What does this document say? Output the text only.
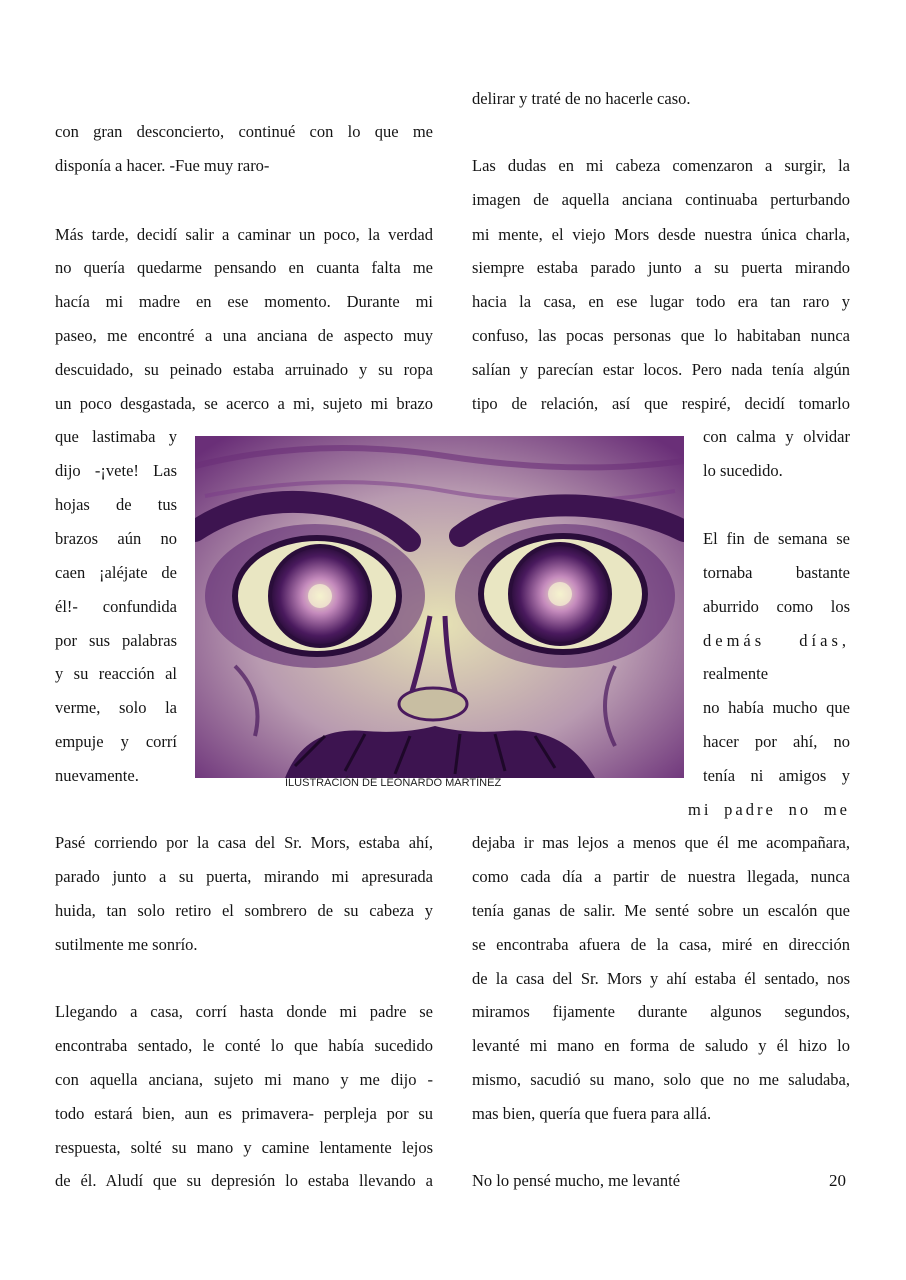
con gran desconcierto, continué con lo que me

disponía a hacer. -Fue muy raro-

Más tarde, decidí salir a caminar un poco, la verdad

no quería quedarme pensando en cuanta falta me

hacía mi madre en ese momento. Durante mi

paseo, me encontré a una anciana de aspecto muy

descuidado, su peinado estaba arruinado y su ropa

un poco desgastada, se acerco a mi, sujeto mi brazo

que lastimaba y

dijo -¡vete! Las

hojas de tus

brazos aún no

caen ¡aléjate de

él!- confundida

por sus palabras

y su reacción al

verme, solo la

empuje y corrí

nuevamente.

Pasé corriendo por la casa del Sr. Mors, estaba ahí,

parado junto a su puerta, mirando mi apresurada

huida, tan solo retiro el sombrero de su cabeza y

sutilmente me sonrío.

Llegando a casa, corrí hasta donde mi padre se

encontraba sentado, le conté lo que había sucedido

con aquella anciana, sujeto mi mano y me dijo -

todo estará bien, aun es primavera- perpleja por su

respuesta, solté su mano y camine lentamente lejos

de él. Aludí que su depresión lo estaba llevando a

delirar y traté de no hacerle caso.

Las dudas en mi cabeza comenzaron a surgir, la

imagen de aquella anciana continuaba perturbando

mi mente, el viejo Mors desde nuestra única charla,

siempre estaba parado junto a su puerta mirando

hacia la casa, en ese lugar todo era tan raro y

confuso, las pocas personas que lo habitaban nunca

salían y parecían estar locos. Pero nada tenía algún

tipo de relación, así que respiré, decidí tomarlo

con calma y olvidar

lo sucedido.

El fin de semana se

tornaba bastante

aburrido como los

demás días,

realmente

no había mucho que

hacer por ahí, no

tenía ni amigos y

mi padre no me

dejaba ir mas lejos a menos que él me acompañara,

como cada día a partir de nuestra llegada, nunca

tenía ganas de salir. Me senté sobre un escalón que

se encontraba afuera de la casa, miré en dirección

de la casa del Sr. Mors y ahí estaba él sentado, nos

miramos fijamente durante algunos segundos,

levanté mi mano en forma de saludo y él hizo lo

mismo, sacudió su mano, solo que no me saludaba,

mas bien, quería que fuera para allá.

No lo pensé mucho, me levanté	20

ILUSTRACIÓN DE LEONARDO MARTÍNEZ
